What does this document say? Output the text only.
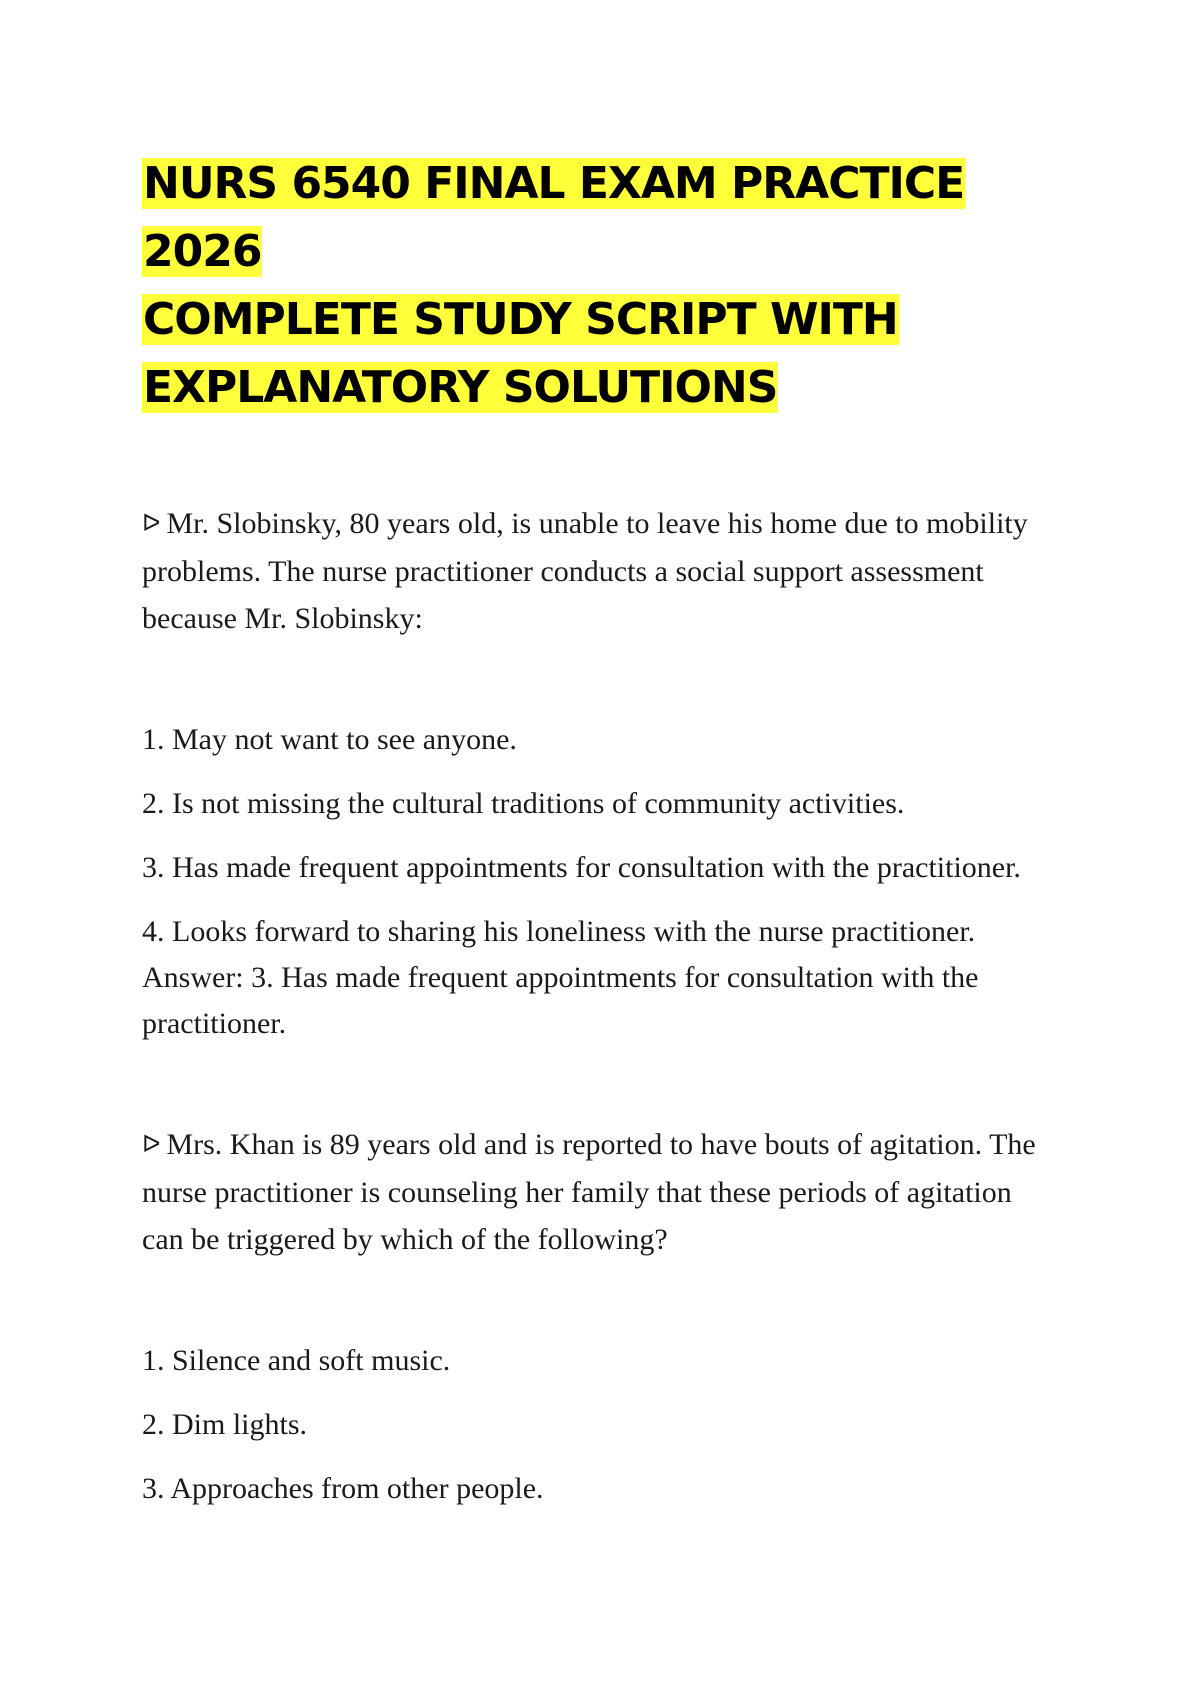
NURS 6540 FINAL EXAM PRACTICE 2026
COMPLETE STUDY SCRIPT WITH
EXPLANATORY SOLUTIONS

ᐅ Mr. Slobinsky, 80 years old, is unable to leave his home due to mobility problems. The nurse practitioner conducts a social support assessment because Mr. Slobinsky:

1. May not want to see anyone.
2. Is not missing the cultural traditions of community activities.
3. Has made frequent appointments for consultation with the practitioner.
4. Looks forward to sharing his loneliness with the nurse practitioner.
Answer: 3. Has made frequent appointments for consultation with the practitioner.

ᐅ Mrs. Khan is 89 years old and is reported to have bouts of agitation. The nurse practitioner is counseling her family that these periods of agitation can be triggered by which of the following?

1. Silence and soft music.
2. Dim lights.
3. Approaches from other people.
